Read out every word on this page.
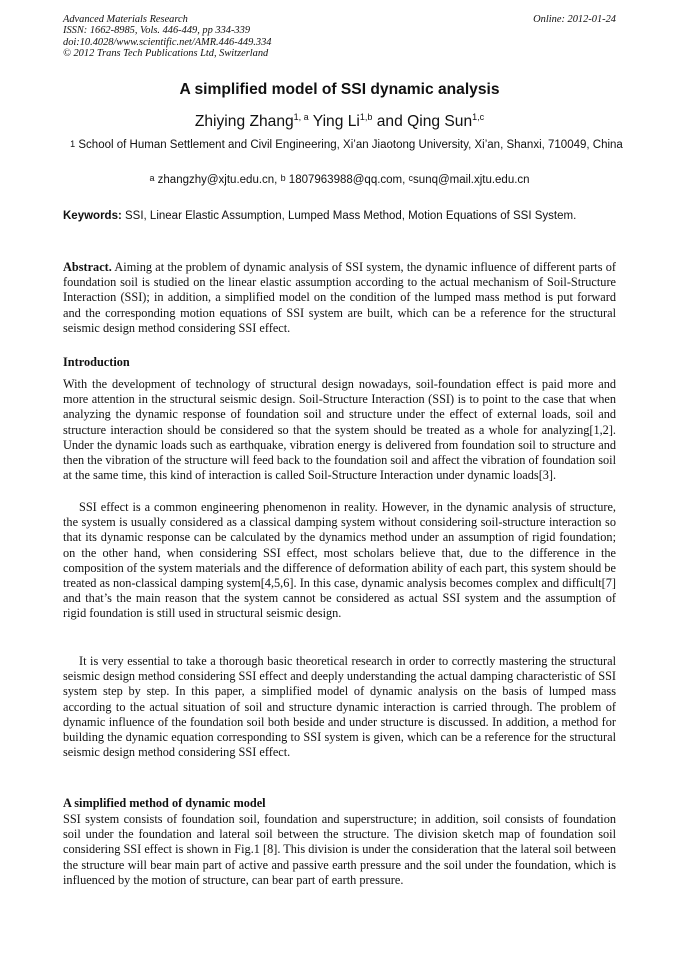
Advanced Materials Research
ISSN: 1662-8985, Vols. 446-449, pp 334-339
doi:10.4028/www.scientific.net/AMR.446-449.334
© 2012 Trans Tech Publications Ltd, Switzerland
Online: 2012-01-24
A simplified model of SSI dynamic analysis
Zhiying Zhang$^{1, a}$ Ying Li$^{1,b}$ and Qing Sun$^{1,c}$
$^1$ School of Human Settlement and Civil Engineering, Xi’an Jiaotong University, Xi’an, Shanxi, 710049, China
$^a$ zhangzhy@xjtu.edu.cn, $^b$ 1807963988@qq.com, $^c$sunq@mail.xjtu.edu.cn
Keywords: SSI, Linear Elastic Assumption, Lumped Mass Method, Motion Equations of SSI System.
Abstract. Aiming at the problem of dynamic analysis of SSI system, the dynamic influence of different parts of foundation soil is studied on the linear elastic assumption according to the actual mechanism of Soil-Structure Interaction (SSI); in addition, a simplified model on the condition of the lumped mass method is put forward and the corresponding motion equations of SSI system are built, which can be a reference for the structural seismic design method considering SSI effect.
Introduction
With the development of technology of structural design nowadays, soil-foundation effect is paid more and more attention in the structural seismic design. Soil-Structure Interaction (SSI) is to point to the case that when analyzing the dynamic response of foundation soil and structure under the effect of external loads, soil and structure interaction should be considered so that the system should be treated as a whole for analyzing[1,2]. Under the dynamic loads such as earthquake, vibration energy is delivered from foundation soil to structure and then the vibration of the structure will feed back to the foundation soil and affect the vibration of foundation soil at the same time, this kind of interaction is called Soil-Structure Interaction under dynamic loads[3].
SSI effect is a common engineering phenomenon in reality. However, in the dynamic analysis of structure, the system is usually considered as a classical damping system without considering soil-structure interaction so that its dynamic response can be calculated by the dynamics method under an assumption of rigid foundation; on the other hand, when considering SSI effect, most scholars believe that, due to the difference in the composition of the system materials and the difference of deformation ability of each part, this system should be treated as non-classical damping system[4,5,6]. In this case, dynamic analysis becomes complex and difficult[7] and that’s the main reason that the system cannot be considered as actual SSI system and the assumption of rigid foundation is still used in structural seismic design.
It is very essential to take a thorough basic theoretical research in order to correctly mastering the structural seismic design method considering SSI effect and deeply understanding the actual damping characteristic of SSI system step by step. In this paper, a simplified model of dynamic analysis on the basis of lumped mass according to the actual situation of soil and structure dynamic interaction is carried through. The problem of dynamic influence of the foundation soil both beside and under structure is discussed. In addition, a method for building the dynamic equation corresponding to SSI system is given, which can be a reference for the structural seismic design method considering SSI effect.
A simplified method of dynamic model
SSI system consists of foundation soil, foundation and superstructure; in addition, soil consists of foundation soil under the foundation and lateral soil between the structure. The division sketch map of foundation soil considering SSI effect is shown in Fig.1 [8]. This division is under the consideration that the lateral soil between the structure will bear main part of active and passive earth pressure and the soil under the foundation, which is influenced by the motion of structure, can bear part of earth pressure.
